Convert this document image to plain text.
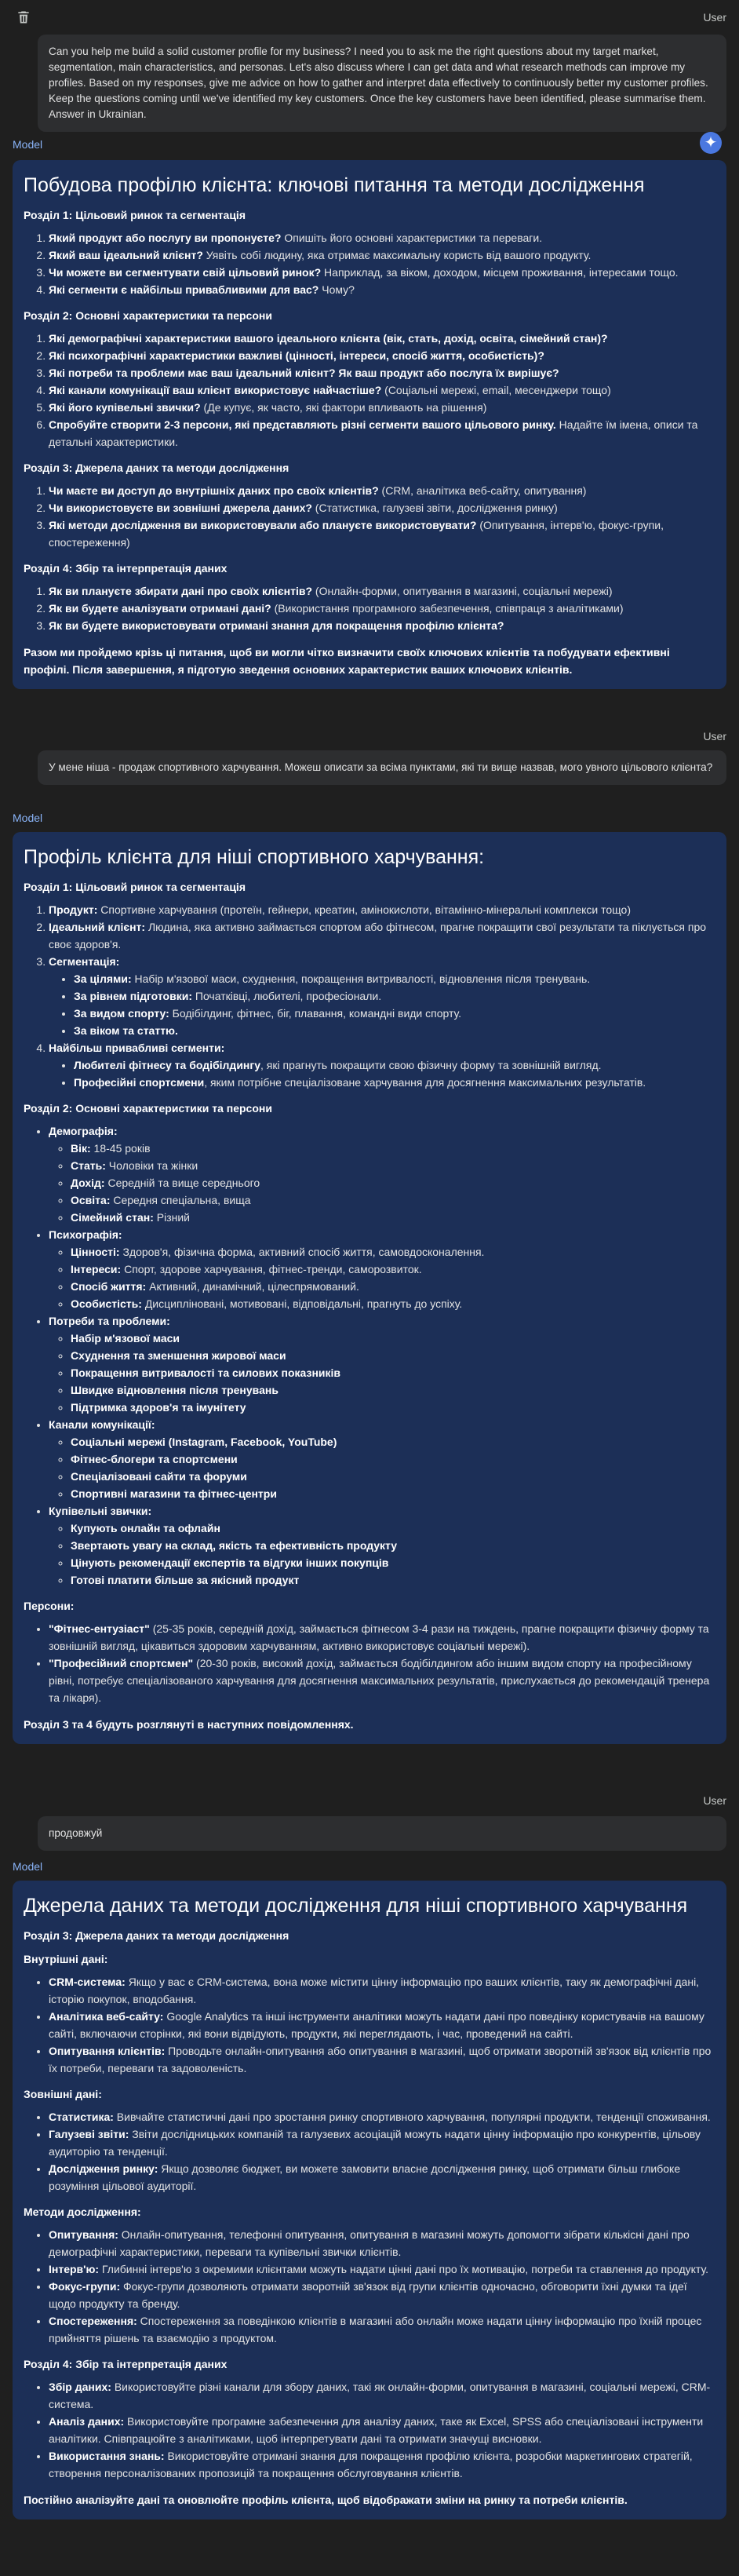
User
Can you help me build a solid customer profile for my business? I need you to ask me the right questions about my target market, segmentation, main characteristics, and personas. Let's also discuss where I can get data and what research methods can improve my profiles. Based on my responses, give me advice on how to gather and interpret data effectively to continuously better my customer profiles. Keep the questions coming until we've identified my key customers. Once the key customers have been identified, please summarise them. Answer in Ukrainian.
Model	✦
Побудова профілю клієнта: ключові питання та методи дослідження
Розділ 1: Цільовий ринок та сегментація
1. Який продукт або послугу ви пропонуєте? Опишіть його основні характеристики та переваги.
2. Який ваш ідеальний клієнт? Уявіть собі людину, яка отримає максимальну користь від вашого продукту.
3. Чи можете ви сегментувати свій цільовий ринок? Наприклад, за віком, доходом, місцем проживання, інтересами тощо.
4. Які сегменти є найбільш привабливими для вас? Чому?
Розділ 2: Основні характеристики та персони
1. Які демографічні характеристики вашого ідеального клієнта (вік, стать, дохід, освіта, сімейний стан)?
2. Які психографічні характеристики важливі (цінності, інтереси, спосіб життя, особистість)?
3. Які потреби та проблеми має ваш ідеальний клієнт? Як ваш продукт або послуга їх вирішує?
4. Які канали комунікації ваш клієнт використовує найчастіше? (Соціальні мережі, email, месенджери тощо)
5. Які його купівельні звички? (Де купує, як часто, які фактори впливають на рішення)
6. Спробуйте створити 2-3 персони, які представляють різні сегменти вашого цільового ринку. Надайте їм імена, описи та детальні характеристики.
Розділ 3: Джерела даних та методи дослідження
1. Чи маєте ви доступ до внутрішніх даних про своїх клієнтів? (CRM, аналітика веб-сайту, опитування)
2. Чи використовуєте ви зовнішні джерела даних? (Статистика, галузеві звіти, дослідження ринку)
3. Які методи дослідження ви використовували або плануєте використовувати? (Опитування, інтерв'ю, фокус-групи, спостереження)
Розділ 4: Збір та інтерпретація даних
1. Як ви плануєте збирати дані про своїх клієнтів? (Онлайн-форми, опитування в магазині, соціальні мережі)
2. Як ви будете аналізувати отримані дані? (Використання програмного забезпечення, співпраця з аналітиками)
3. Як ви будете використовувати отримані знання для покращення профілю клієнта?

Разом ми пройдемо крізь ці питання, щоб ви могли чітко визначити своїх ключових клієнтів та побудувати ефективні профілі. Після завершення, я підготую зведення основних характеристик ваших ключових клієнтів.

User
У мене ніша - продаж спортивного харчування. Можеш описати за всіма пунктами, які ти вище назвав, мого увного цільового клієнта?
Model
Профіль клієнта для ніші спортивного харчування:
Розділ 1: Цільовий ринок та сегментація
1. Продукт: Спортивне харчування (протеїн, гейнери, креатин, амінокислоти, вітамінно-мінеральні комплекси тощо)
2. Ідеальний клієнт: Людина, яка активно займається спортом або фітнесом, прагне покращити свої результати та піклується про своє здоров'я.
3. Сегментація:
• За цілями: Набір м'язової маси, схуднення, покращення витривалості, відновлення після тренувань.
• За рівнем підготовки: Початківці, любителі, професіонали.
• За видом спорту: Бодібілдинг, фітнес, біг, плавання, командні види спорту.
• За віком та статтю.
4. Найбільш привабливі сегменти:
• Любителі фітнесу та бодібілдингу, які прагнуть покращити свою фізичну форму та зовнішній вигляд.
• Професійні спортсмени, яким потрібне спеціалізоване харчування для досягнення максимальних результатів.
Розділ 2: Основні характеристики та персони
• Демографія:
◦ Вік: 18-45 років
◦ Стать: Чоловіки та жінки
◦ Дохід: Середній та вище середнього
◦ Освіта: Середня спеціальна, вища
◦ Сімейний стан: Різний
• Психографія:
◦ Цінності: Здоров'я, фізична форма, активний спосіб життя, самовдосконалення.
◦ Інтереси: Спорт, здорове харчування, фітнес-тренди, саморозвиток.
◦ Спосіб життя: Активний, динамічний, цілеспрямований.
◦ Особистість: Дисципліновані, мотивовані, відповідальні, прагнуть до успіху.
• Потреби та проблеми:
◦ Набір м'язової маси
◦ Схуднення та зменшення жирової маси
◦ Покращення витривалості та силових показників
◦ Швидке відновлення після тренувань
◦ Підтримка здоров'я та імунітету
• Канали комунікації:
◦ Соціальні мережі (Instagram, Facebook, YouTube)
◦ Фітнес-блогери та спортсмени
◦ Спеціалізовані сайти та форуми
◦ Спортивні магазини та фітнес-центри
• Купівельні звички:
◦ Купують онлайн та офлайн
◦ Звертають увагу на склад, якість та ефективність продукту
◦ Цінують рекомендації експертів та відгуки інших покупців
◦ Готові платити більше за якісний продукт
Персони:
• "Фітнес-ентузіаст" (25-35 років, середній дохід, займається фітнесом 3-4 рази на тиждень, прагне покращити фізичну форму та зовнішній вигляд, цікавиться здоровим харчуванням, активно використовує соціальні мережі).
• "Професійний спортсмен" (20-30 років, високий дохід, займається бодібілдингом або іншим видом спорту на професійному рівні, потребує спеціалізованого харчування для досягнення максимальних результатів, прислухається до рекомендацій тренера та лікаря).

Розділ 3 та 4 будуть розглянуті в наступних повідомленнях.

User
продовжуй
Model
Джерела даних та методи дослідження для ніші спортивного харчування
Розділ 3: Джерела даних та методи дослідження
Внутрішні дані:
• CRM-система: Якщо у вас є CRM-система, вона може містити цінну інформацію про ваших клієнтів, таку як демографічні дані, історію покупок, вподобання.
• Аналітика веб-сайту: Google Analytics та інші інструменти аналітики можуть надати дані про поведінку користувачів на вашому сайті, включаючи сторінки, які вони відвідують, продукти, які переглядають, і час, проведений на сайті.
• Опитування клієнтів: Проводьте онлайн-опитування або опитування в магазині, щоб отримати зворотній зв'язок від клієнтів про їх потреби, переваги та задоволеність.
Зовнішні дані:
• Статистика: Вивчайте статистичні дані про зростання ринку спортивного харчування, популярні продукти, тенденції споживання.
• Галузеві звіти: Звіти дослідницьких компаній та галузевих асоціацій можуть надати цінну інформацію про конкурентів, цільову аудиторію та тенденції.
• Дослідження ринку: Якщо дозволяє бюджет, ви можете замовити власне дослідження ринку, щоб отримати більш глибоке розуміння цільової аудиторії.
Методи дослідження:
• Опитування: Онлайн-опитування, телефонні опитування, опитування в магазині можуть допомогти зібрати кількісні дані про демографічні характеристики, переваги та купівельні звички клієнтів.
• Інтерв'ю: Глибинні інтерв'ю з окремими клієнтами можуть надати цінні дані про їх мотивацію, потреби та ставлення до продукту.
• Фокус-групи: Фокус-групи дозволяють отримати зворотній зв'язок від групи клієнтів одночасно, обговорити їхні думки та ідеї щодо продукту та бренду.
• Спостереження: Спостереження за поведінкою клієнтів в магазині або онлайн може надати цінну інформацію про їхній процес прийняття рішень та взаємодію з продуктом.
Розділ 4: Збір та інтерпретація даних
• Збір даних: Використовуйте різні канали для збору даних, такі як онлайн-форми, опитування в магазині, соціальні мережі, CRM-система.
• Аналіз даних: Використовуйте програмне забезпечення для аналізу даних, таке як Excel, SPSS або спеціалізовані інструменти аналітики. Співпрацюйте з аналітиками, щоб інтерпретувати дані та отримати значущі висновки.
• Використання знань: Використовуйте отримані знання для покращення профілю клієнта, розробки маркетингових стратегій, створення персоналізованих пропозицій та покращення обслуговування клієнтів.

Постійно аналізуйте дані та оновлюйте профіль клієнта, щоб відображати зміни на ринку та потреби клієнтів.
